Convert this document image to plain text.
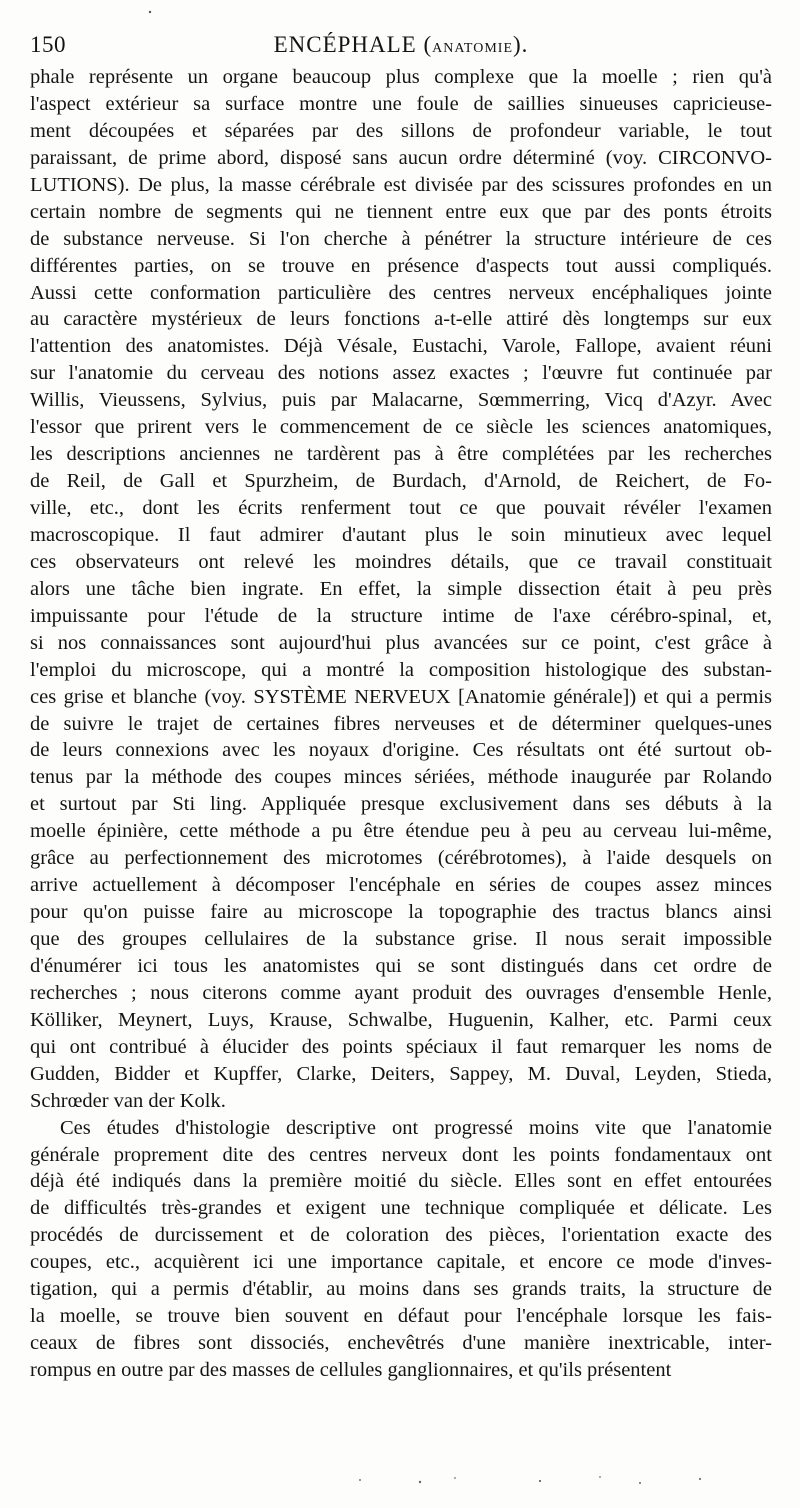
150	ENCÉPHALE (ANATOMIE).
phale représente un organe beaucoup plus complexe que la moelle ; rien qu'à
l'aspect extérieur sa surface montre une foule de saillies sinueuses capricieuse-
ment découpées et séparées par des sillons de profondeur variable, le tout
paraissant, de prime abord, disposé sans aucun ordre déterminé (voy. CIRCONVO-
LUTIONS). De plus, la masse cérébrale est divisée par des scissures profondes en un
certain nombre de segments qui ne tiennent entre eux que par des ponts étroits
de substance nerveuse. Si l'on cherche à pénétrer la structure intérieure de ces
différentes parties, on se trouve en présence d'aspects tout aussi compliqués.
Aussi cette conformation particulière des centres nerveux encéphaliques jointe
au caractère mystérieux de leurs fonctions a-t-elle attiré dès longtemps sur eux
l'attention des anatomistes. Déjà Vésale, Eustachi, Varole, Fallope, avaient réuni
sur l'anatomie du cerveau des notions assez exactes ; l'œuvre fut continuée par
Willis, Vieussens, Sylvius, puis par Malacarne, Sœmmerring, Vicq d'Azyr. Avec
l'essor que prirent vers le commencement de ce siècle les sciences anatomiques,
les descriptions anciennes ne tardèrent pas à être complétées par les recherches
de Reil, de Gall et Spurzheim, de Burdach, d'Arnold, de Reichert, de Fo-
ville, etc., dont les écrits renferment tout ce que pouvait révéler l'examen
macroscopique. Il faut admirer d'autant plus le soin minutieux avec lequel
ces observateurs ont relevé les moindres détails, que ce travail constituait
alors une tâche bien ingrate. En effet, la simple dissection était à peu près
impuissante pour l'étude de la structure intime de l'axe cérébro-spinal, et,
si nos connaissances sont aujourd'hui plus avancées sur ce point, c'est grâce à
l'emploi du microscope, qui a montré la composition histologique des substan-
ces grise et blanche (voy. SYSTÈME NERVEUX [Anatomie générale]) et qui a permis
de suivre le trajet de certaines fibres nerveuses et de déterminer quelques-unes
de leurs connexions avec les noyaux d'origine. Ces résultats ont été surtout ob-
tenus par la méthode des coupes minces sériées, méthode inaugurée par Rolando
et surtout par Sti ling. Appliquée presque exclusivement dans ses débuts à la
moelle épinière, cette méthode a pu être étendue peu à peu au cerveau lui-même,
grâce au perfectionnement des microtomes (cérébrotomes), à l'aide desquels on
arrive actuellement à décomposer l'encéphale en séries de coupes assez minces
pour qu'on puisse faire au microscope la topographie des tractus blancs ainsi
que des groupes cellulaires de la substance grise. Il nous serait impossible
d'énumérer ici tous les anatomistes qui se sont distingués dans cet ordre de
recherches ; nous citerons comme ayant produit des ouvrages d'ensemble Henle,
Kölliker, Meynert, Luys, Krause, Schwalbe, Huguenin, Kalher, etc. Parmi ceux
qui ont contribué à élucider des points spéciaux il faut remarquer les noms de
Gudden, Bidder et Kupffer, Clarke, Deiters, Sappey, M. Duval, Leyden, Stieda,
Schrœder van der Kolk.
Ces études d'histologie descriptive ont progressé moins vite que l'anatomie
générale proprement dite des centres nerveux dont les points fondamentaux ont
déjà été indiqués dans la première moitié du siècle. Elles sont en effet entourées
de difficultés très-grandes et exigent une technique compliquée et délicate. Les
procédés de durcissement et de coloration des pièces, l'orientation exacte des
coupes, etc., acquièrent ici une importance capitale, et encore ce mode d'inves-
tigation, qui a permis d'établir, au moins dans ses grands traits, la structure de
la moelle, se trouve bien souvent en défaut pour l'encéphale lorsque les fais-
ceaux de fibres sont dissociés, enchevêtrés d'une manière inextricable, inter-
rompus en outre par des masses de cellules ganglionnaires, et qu'ils présentent
